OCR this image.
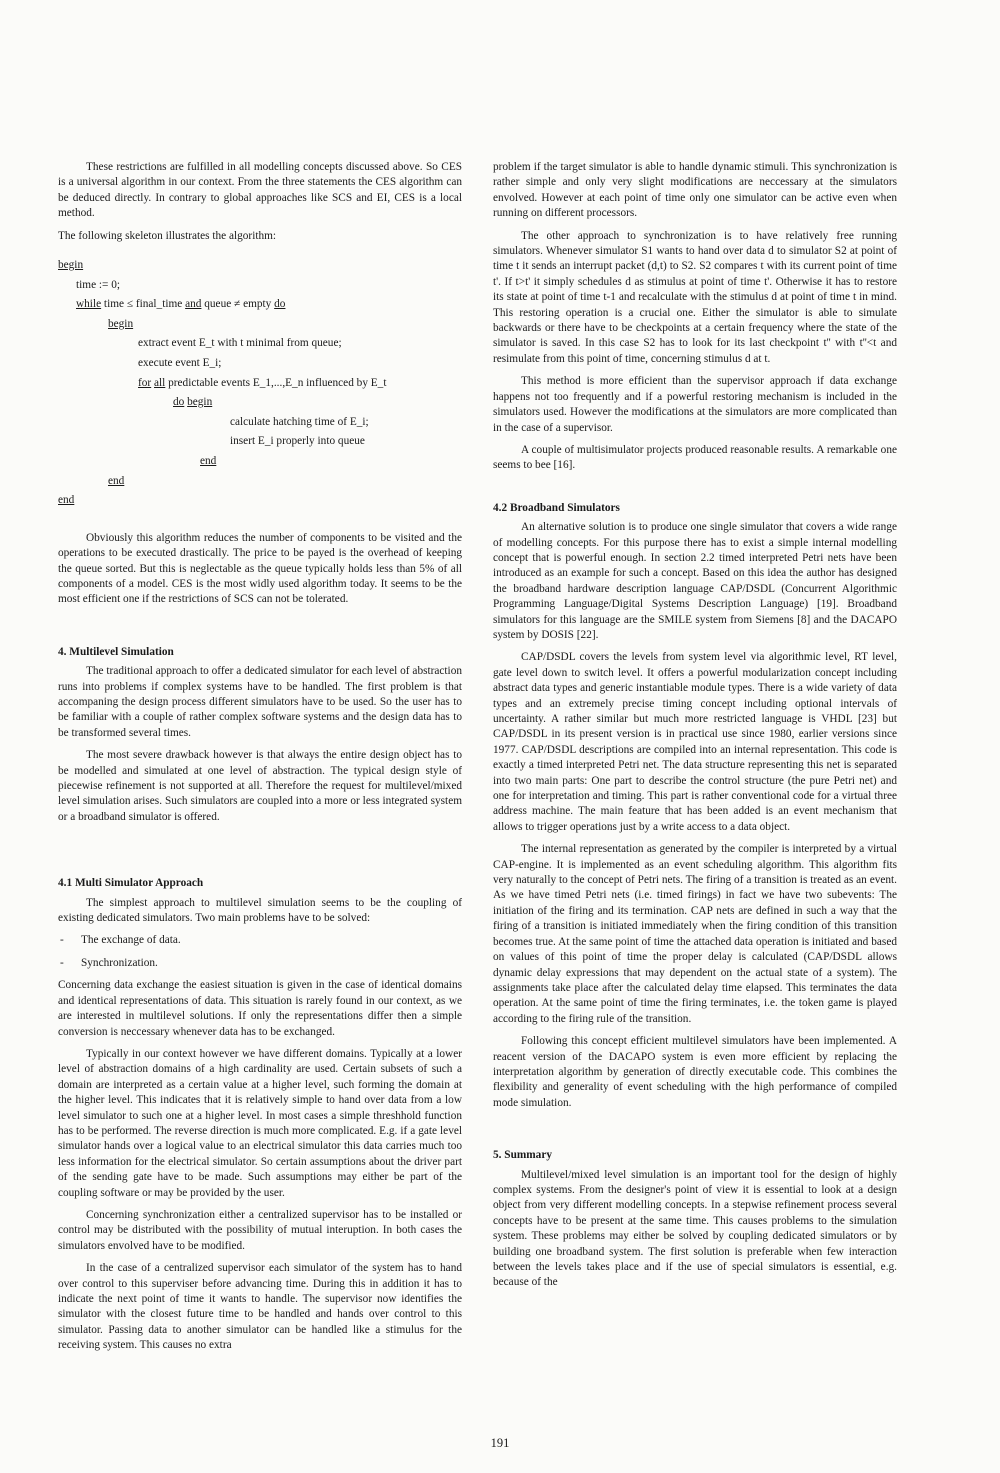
These restrictions are fulfilled in all modelling concepts discussed above. So CES is a universal algorithm in our context. From the three statements the CES algorithm can be deduced directly. In contrary to global approaches like SCS and EI, CES is a local method.

The following skeleton illustrates the algorithm:

begin
time := 0;
while time ≤ final_time and queue ≠ empty do
begin
extract event E_t with t minimal from queue;
execute event E_i;
for all predictable events E_1,...,E_n influenced by E_t
do begin
calculate hatching time of E_i;
insert E_i properly into queue
end
end
end

Obviously this algorithm reduces the number of components to be visited and the operations to be executed drastically. The price to be payed is the overhead of keeping the queue sorted. But this is neglectable as the queue typically holds less than 5% of all components of a model. CES is the most widly used algorithm today. It seems to be the most efficient one if the restrictions of SCS can not be tolerated.

4. Multilevel Simulation

The traditional approach to offer a dedicated simulator for each level of abstraction runs into problems if complex systems have to be handled. The first problem is that accompaning the design process different simulators have to be used. So the user has to be familiar with a couple of rather complex software systems and the design data has to be transformed several times.

The most severe drawback however is that always the entire design object has to be modelled and simulated at one level of abstraction. The typical design style of piecewise refinement is not supported at all. Therefore the request for multilevel/mixed level simulation arises. Such simulators are coupled into a more or less integrated system or a broadband simulator is offered.

4.1 Multi Simulator Approach

The simplest approach to multilevel simulation seems to be the coupling of existing dedicated simulators. Two main problems have to be solved:

- The exchange of data.
- Synchronization.

Concerning data exchange the easiest situation is given in the case of identical domains and identical representations of data. This situation is rarely found in our context, as we are interested in multilevel solutions. If only the representations differ then a simple conversion is neccessary whenever data has to be exchanged.

Typically in our context however we have different domains. Typically at a lower level of abstraction domains of a high cardinality are used. Certain subsets of such a domain are interpreted as a certain value at a higher level, such forming the domain at the higher level. This indicates that it is relatively simple to hand over data from a low level simulator to such one at a higher level. In most cases a simple threshhold function has to be performed. The reverse direction is much more complicated. E.g. if a gate level simulator hands over a logical value to an electrical simulator this data carries much too less information for the electrical simulator. So certain assumptions about the driver part of the sending gate have to be made. Such assumptions may either be part of the coupling software or may be provided by the user.

Concerning synchronization either a centralized supervisor has to be installed or control may be distributed with the possibility of mutual interuption. In both cases the simulators envolved have to be modified.

In the case of a centralized supervisor each simulator of the system has to hand over control to this superviser before advancing time. During this in addition it has to indicate the next point of time it wants to handle. The supervisor now identifies the simulator with the closest future time to be handled and hands over control to this simulator. Passing data to another simulator can be handled like a stimulus for the receiving system. This causes no extra

problem if the target simulator is able to handle dynamic stimuli. This synchronization is rather simple and only very slight modifications are neccessary at the simulators envolved. However at each point of time only one simulator can be active even when running on different processors.

The other approach to synchronization is to have relatively free running simulators. Whenever simulator S1 wants to hand over data d to simulator S2 at point of time t it sends an interrupt packet (d,t) to S2. S2 compares t with its current point of time t'. If t>t' it simply schedules d as stimulus at point of time t'. Otherwise it has to restore its state at point of time t-1 and recalculate with the stimulus d at point of time t in mind. This restoring operation is a crucial one. Either the simulator is able to simulate backwards or there have to be checkpoints at a certain frequency where the state of the simulator is saved. In this case S2 has to look for its last checkpoint t'' with t''<t and resimulate from this point of time, concerning stimulus d at t.

This method is more efficient than the supervisor approach if data exchange happens not too frequently and if a powerful restoring mechanism is included in the simulators used. However the modifications at the simulators are more complicated than in the case of a supervisor.

A couple of multisimulator projects produced reasonable results. A remarkable one seems to bee [16].

4.2 Broadband Simulators

An alternative solution is to produce one single simulator that covers a wide range of modelling concepts. For this purpose there has to exist a simple internal modelling concept that is powerful enough. In section 2.2 timed interpreted Petri nets have been introduced as an example for such a concept. Based on this idea the author has designed the broadband hardware description language CAP/DSDL (Concurrent Algorithmic Programming Language/Digital Systems Description Language) [19]. Broadband simulators for this language are the SMILE system from Siemens [8] and the DACAPO system by DOSIS [22].

CAP/DSDL covers the levels from system level via algorithmic level, RT level, gate level down to switch level. It offers a powerful modularization concept including abstract data types and generic instantiable module types. There is a wide variety of data types and an extremely precise timing concept including optional intervals of uncertainty. A rather similar but much more restricted language is VHDL [23] but CAP/DSDL in its present version is in practical use since 1980, earlier versions since 1977. CAP/DSDL descriptions are compiled into an internal representation. This code is exactly a timed interpreted Petri net. The data structure representing this net is separated into two main parts: One part to describe the control structure (the pure Petri net) and one for interpretation and timing. This part is rather conventional code for a virtual three address machine. The main feature that has been added is an event mechanism that allows to trigger operations just by a write access to a data object.

The internal representation as generated by the compiler is interpreted by a virtual CAP-engine. It is implemented as an event scheduling algorithm. This algorithm fits very naturally to the concept of Petri nets. The firing of a transition is treated as an event. As we have timed Petri nets (i.e. timed firings) in fact we have two subevents: The initiation of the firing and its termination. CAP nets are defined in such a way that the firing of a transition is initiated immediately when the firing condition of this transition becomes true. At the same point of time the attached data operation is initiated and based on values of this point of time the proper delay is calculated (CAP/DSDL allows dynamic delay expressions that may dependent on the actual state of a system). The assignments take place after the calculated delay time elapsed. This terminates the data operation. At the same point of time the firing terminates, i.e. the token game is played according to the firing rule of the transition.

Following this concept efficient multilevel simulators have been implemented. A reacent version of the DACAPO system is even more efficient by replacing the interpretation algorithm by generation of directly executable code. This combines the flexibility and generality of event scheduling with the high performance of compiled mode simulation.

5. Summary

Multilevel/mixed level simulation is an important tool for the design of highly complex systems. From the designer's point of view it is essential to look at a design object from very different modelling concepts. In a stepwise refinement process several concepts have to be present at the same time. This causes problems to the simulation system. These problems may either be solved by coupling dedicated simulators or by building one broadband system. The first solution is preferable when few interaction between the levels takes place and if the use of special simulators is essential, e.g. because of the

191
